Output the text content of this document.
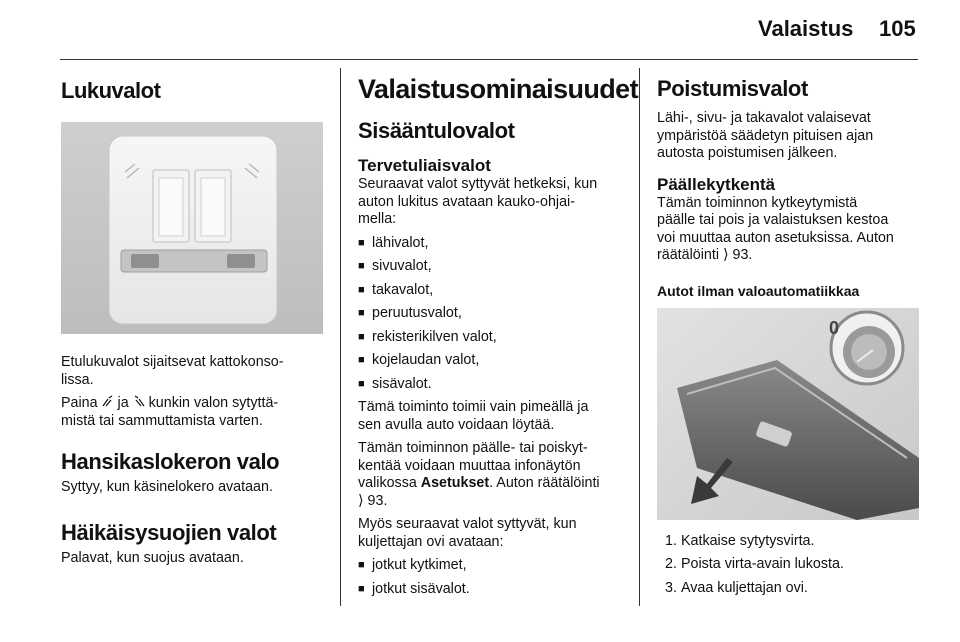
Valaistus 105
Lukuvalot

Etulukuvalot sijaitsevat kattokonso-

lissa.

Paina ja kunkin valon sytyttä-

mistä tai sammuttamista varten.

Hansikaslokeron valo

Syttyy, kun käsinelokero avataan.

Häikäisysuojien valot

Palavat, kun suojus avataan.

Valaistusominaisuudet
Sisääntulovalot
Tervetuliaisvalot

Seuraavat valot syttyvät hetkeksi, kun

auton lukitus avataan kauko-ohjai-

mella:

■ lähivalot,
■ sivuvalot,
■ takavalot,
■ peruutusvalot,
■ rekisterikilven valot,
■ kojelaudan valot,
■ sisävalot.

Tämä toiminto toimii vain pimeällä ja

sen avulla auto voidaan löytää.

Tämän toiminnon päälle- tai poiskyt-

kentää voidaan muuttaa infonäytön

valikossa Asetukset. Auton räätälöinti

⟩ 93.

Myös seuraavat valot syttyvät, kun

kuljettajan ovi avataan:

■ jotkut kytkimet,
■ jotkut sisävalot.
Poistumisvalot

Lähi-, sivu- ja takavalot valaisevat

ympäristöä säädetyn pituisen ajan

autosta poistumisen jälkeen.

Päällekytkentä

Tämän toiminnon kytkeytymistä

päälle tai pois ja valaistuksen kestoa

voi muuttaa auton asetuksissa. Auton

räätälöinti ⟩ 93.

Autot ilman valoautomatiikkaa
0
1. Katkaise sytytysvirta.
2. Poista virta-avain lukosta.
3. Avaa kuljettajan ovi.
